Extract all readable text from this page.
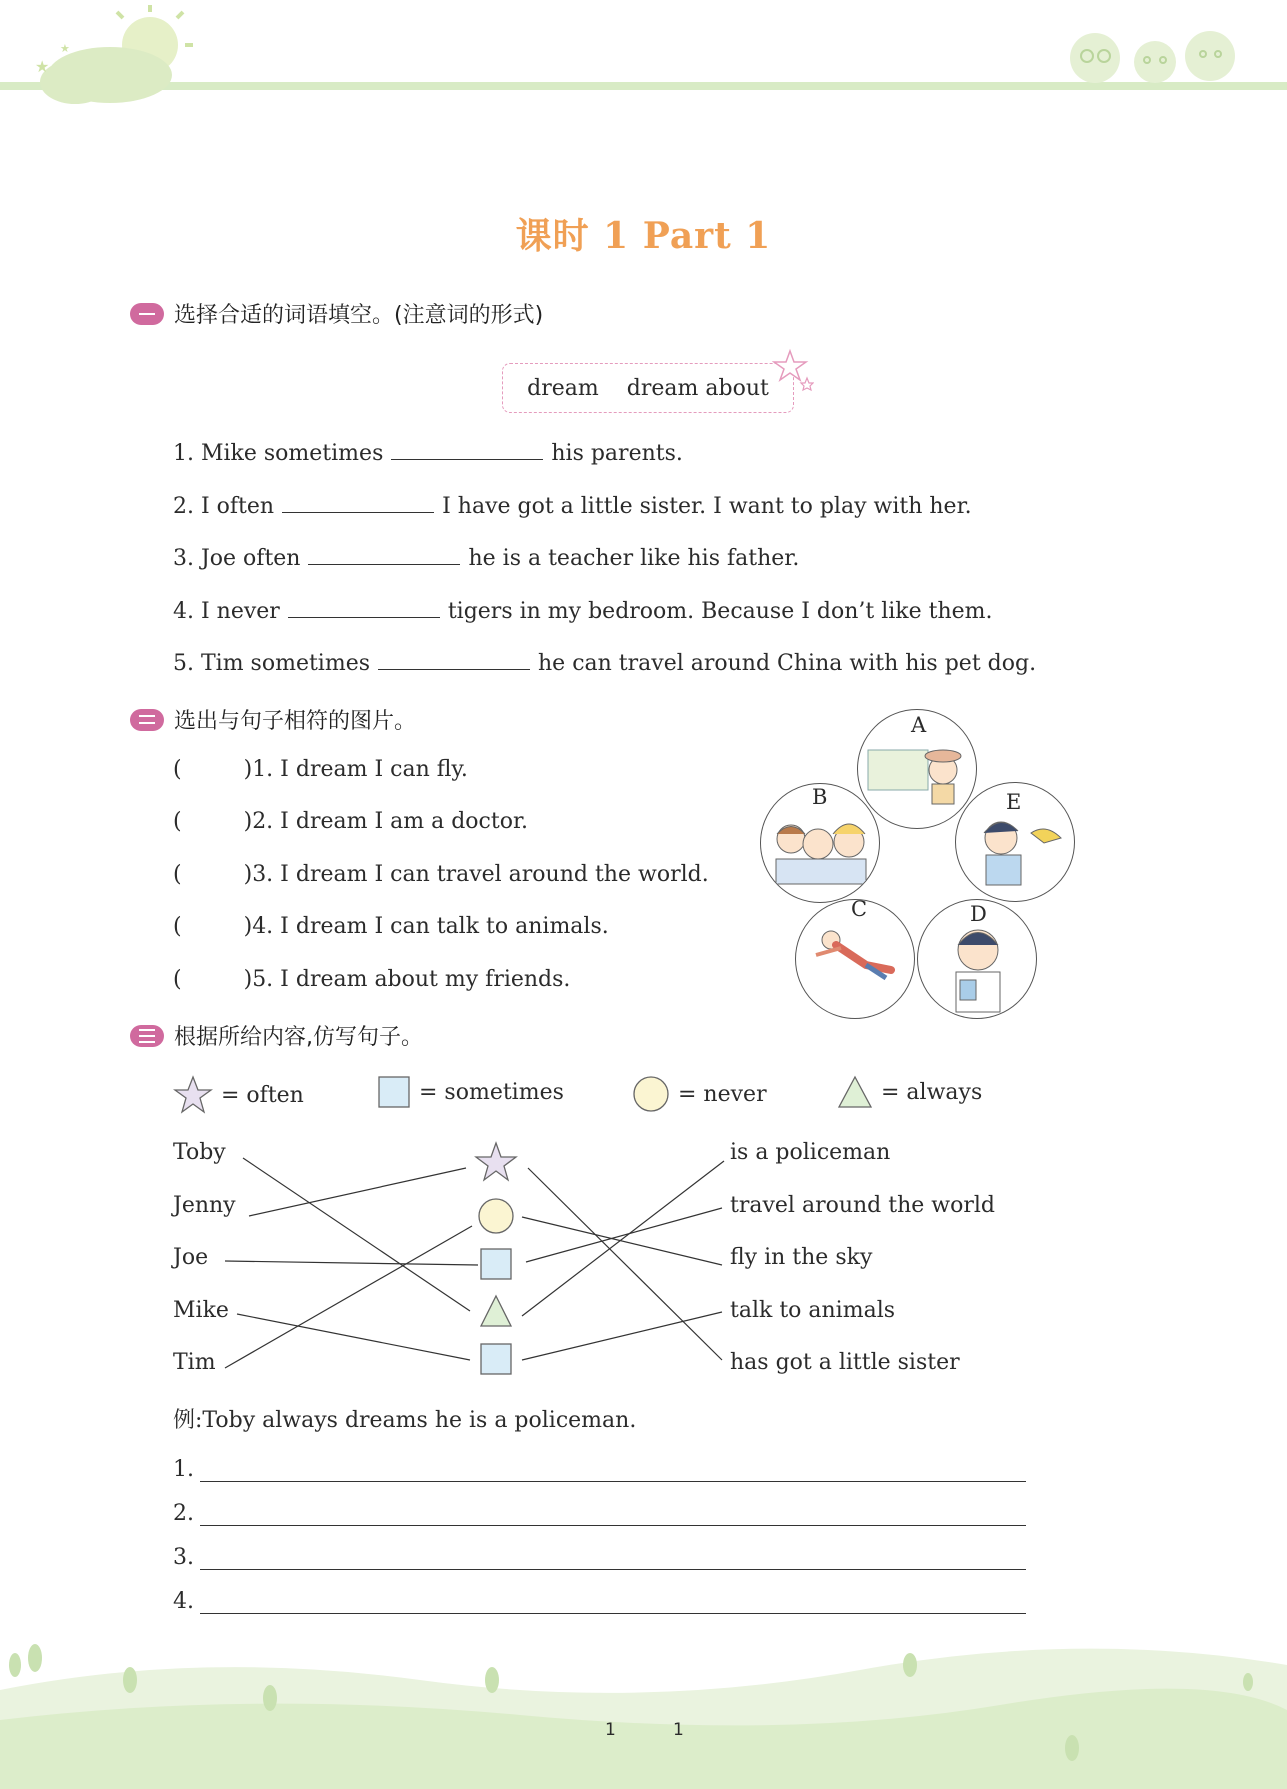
★
★
课时 1 Part 1
选择合适的词语填空。(注意词的形式)
dream dream about
1. Mike sometimes	his parents.
2. I often	I have got a little sister. I want to play with her.
3. Joe often	he is a teacher like his father.
4. I never	tigers in my bedroom. Because I don’t like them.
5. Tim sometimes	he can travel around China with his pet dog.
选出与句子相符的图片。
(	)1. I dream I can fly.
(	)2. I dream I am a doctor.
(	)3. I dream I can travel around the world.
(	)4. I dream I can talk to animals.
(	)5. I dream about my friends.
A
B	E
C	D
根据所给内容,仿写句子。
= often	= sometimes	= never	= always
Toby
Jenny
Joe
Mike
Tim
is a policeman
travel around the world
fly in the sky
talk to animals
has got a little sister
例:Toby always dreams he is a policeman.
1.
2.
3.
4.
1	1
